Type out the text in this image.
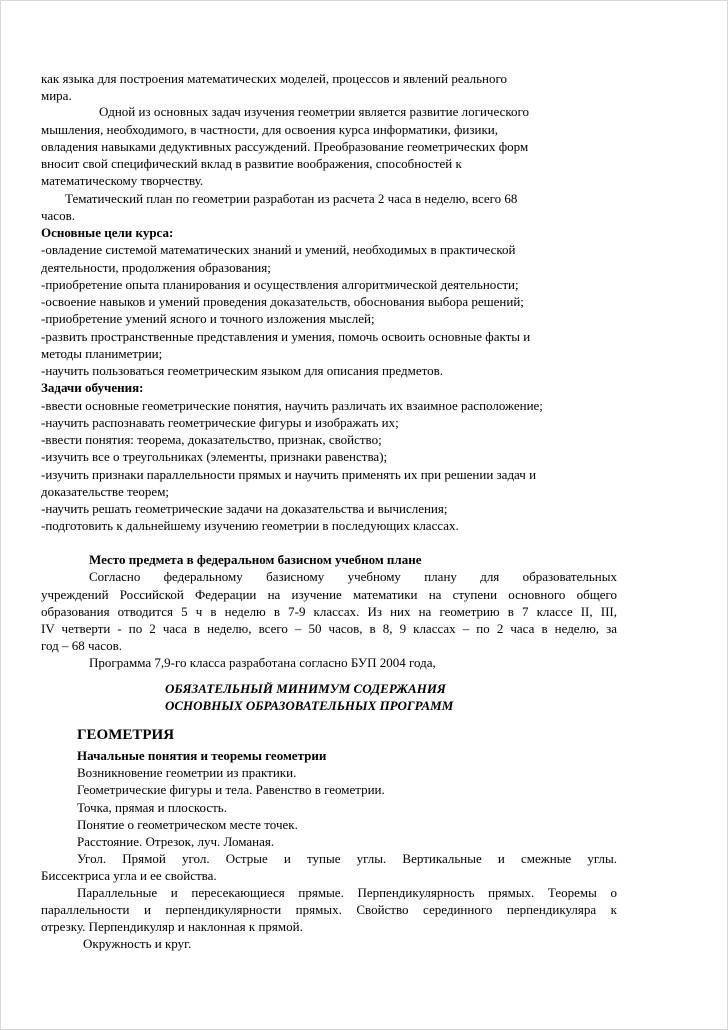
как языка для построения математических моделей, процессов и явлений реального
мира.
Одной из основных задач изучения геометрии является развитие логического
мышления, необходимого, в частности, для освоения курса информатики, физики,
овладения навыками дедуктивных рассуждений. Преобразование геометрических форм
вносит свой специфический вклад в развитие воображения, способностей к
математическому творчеству.
Тематический план по геометрии разработан из расчета 2 часа в неделю, всего 68
часов.
Основные цели курса:
-овладение системой математических знаний и умений, необходимых в практической
деятельности, продолжения образования;
-приобретение опыта планирования и осуществления алгоритмической деятельности;
-освоение навыков и умений проведения доказательств, обоснования выбора решений;
-приобретение умений ясного и точного изложения мыслей;
-развить пространственные представления и умения, помочь освоить основные факты и
методы планиметрии;
-научить пользоваться геометрическим языком для описания предметов.
Задачи обучения:
-ввести основные геометрические понятия, научить различать их взаимное расположение;
-научить распознавать геометрические фигуры и изображать их;
-ввести понятия: теорема, доказательство, признак, свойство;
-изучить все о треугольниках (элементы, признаки равенства);
-изучить признаки параллельности прямых и научить применять их при решении задач и
доказательстве теорем;
-научить решать геометрические задачи на доказательства и вычисления;
-подготовить к дальнейшему изучению геометрии в последующих классах.
Место предмета в федеральном базисном учебном плане
Согласно федеральному базисному учебному плану для образовательных
учреждений Российской Федерации на изучение математики на ступени основного общего
образования отводится 5 ч в неделю в 7-9 классах. Из них на геометрию в 7 классе II, III,
IV четверти - по 2 часа в неделю, всего – 50 часов, в 8, 9 классах – по 2 часа в неделю, за
год – 68 часов.
Программа 7,9-го класса разработана согласно БУП 2004 года,
ОБЯЗАТЕЛЬНЫЙ МИНИМУМ СОДЕРЖАНИЯ
ОСНОВНЫХ ОБРАЗОВАТЕЛЬНЫХ ПРОГРАММ
ГЕОМЕТРИЯ
Начальные понятия и теоремы геометрии
Возникновение геометрии из практики.
Геометрические фигуры и тела. Равенство в геометрии.
Точка, прямая и плоскость.
Понятие о геометрическом месте точек.
Расстояние. Отрезок, луч. Ломаная.
Угол. Прямой угол. Острые и тупые углы. Вертикальные и смежные углы.
Биссектриса угла и ее свойства.
Параллельные и пересекающиеся прямые. Перпендикулярность прямых. Теоремы о
параллельности и перпендикулярности прямых. Свойство серединного перпендикуляра к
отрезку. Перпендикуляр и наклонная к прямой.
Окружность и круг.
